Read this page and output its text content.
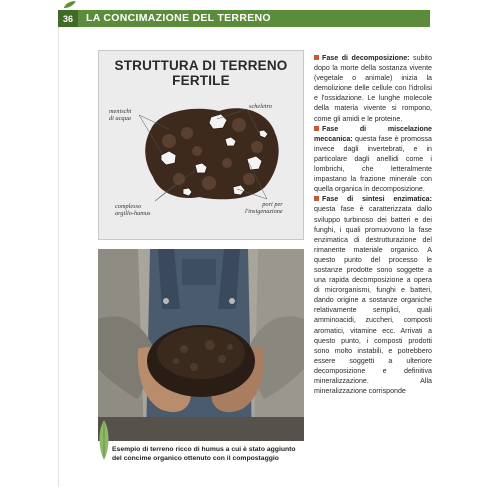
36	LA CONCIMAZIONE DEL TERRENO
STRUTTURA DI TERRENO FERTILE
menischi
di acqua
scheletro
complesso
argillo-humus
pori per
l'insigenazione
Esempio di terreno ricco di humus a cui è stato aggiunto
del concime organico ottenuto con il compostaggio

Fase di decomposizione: subito dopo la morte della sostanza vivente (vegetale o animale) inizia la demolizione delle cellule con l'idrolisi e l'ossidazione. Le lunghe molecole della materia vivente si rompono, come gli amidi e le proteine.

Fase di miscelazione meccanica: questa fase è promossa invece dagli invertebrati, e in particolare dagli anellidi come i lombrichi, che letteralmente impastano la frazione minerale con quella organica in decomposizione.

Fase di sintesi enzimatica: questa fase è caratterizzata dallo sviluppo turbinoso dei batteri e dei funghi, i quali promuovono la fase enzimatica di destrutturazione del rimanente materiale organico. A questo punto del processo le sostanze prodotte sono soggette a una rapida decomposizione a opera di microrganismi, funghi e batteri, dando origine a sostanze organiche relativamente semplici, quali amminoacidi, zuccheri, composti aromatici, vitamine ecc. Arrivati a questo punto, i composti prodotti sono molto instabili, e potrebbero essere soggetti a ulteriore decomposizione e definitiva mineralizzazione. Alla mineralizzazione corrisponde
